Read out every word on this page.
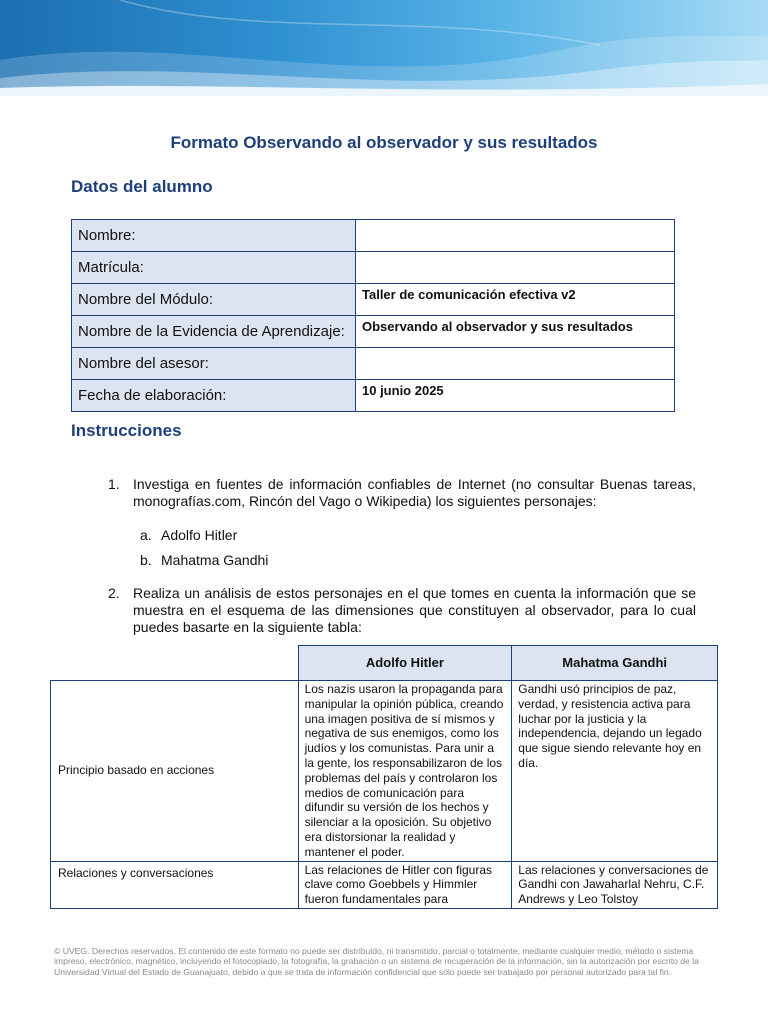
Formato Observando al observador y sus resultados
Datos del alumno
Nombre:	
Matrícula:	
Nombre del Módulo:	Taller de comunicación efectiva v2
Nombre de la Evidencia de Aprendizaje:	Observando al observador y sus resultados
Nombre del asesor:	
Fecha de elaboración:	10 junio 2025
Instrucciones
1. Investiga en fuentes de información confiables de Internet (no consultar Buenas tareas, monografías.com, Rincón del Vago o Wikipedia) los siguientes personajes:
a. Adolfo Hitler
b. Mahatma Gandhi
2. Realiza un análisis de estos personajes en el que tomes en cuenta la información que se muestra en el esquema de las dimensiones que constituyen al observador, para lo cual puedes basarte en la siguiente tabla:
	Adolfo Hitler	Mahatma Gandhi
Principio basado en acciones	Los nazis usaron la propaganda para manipular la opinión pública, creando una imagen positiva de sí mismos y negativa de sus enemigos, como los judíos y los comunistas. Para unir a la gente, los responsabilizaron de los problemas del país y controlaron los medios de comunicación para difundir su versión de los hechos y silenciar a la oposición. Su objetivo era distorsionar la realidad y mantener el poder.	Gandhi usó principios de paz, verdad, y resistencia activa para luchar por la justicia y la independencia, dejando un legado que sigue siendo relevante hoy en día.
Relaciones y conversaciones	Las relaciones de Hitler con figuras clave como Goebbels y Himmler fueron fundamentales para	Las relaciones y conversaciones de Gandhi con Jawaharlal Nehru, C.F. Andrews y Leo Tolstoy
© UVEG. Derechos reservados. El contenido de este formato no puede ser distribuido, ni transmitido, parcial o totalmente, mediante cualquier medio, método o sistema impreso, electrónico, magnético, incluyendo el fotocopiado, la fotografía, la grabación o un sistema de recuperación de la información, sin la autorización por escrito de la Universidad Virtual del Estado de Guanajuato, debido a que se trata de información confidencial que sólo puede ser trabajado por personal autorizado para tal fin.
